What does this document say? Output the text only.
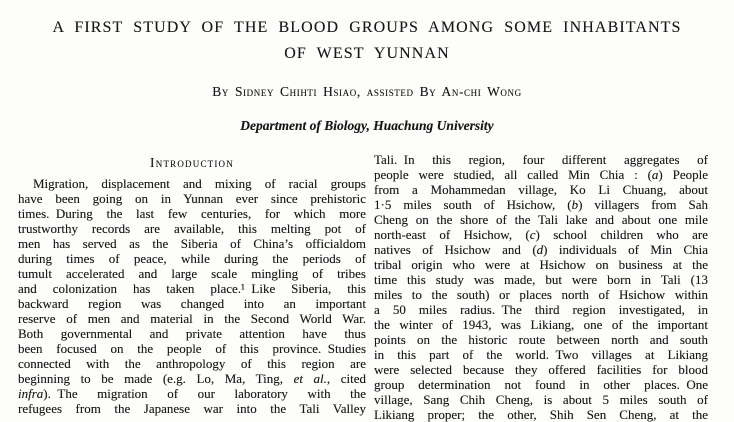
A FIRST STUDY OF THE BLOOD GROUPS AMONG SOME INHABITANTS
OF WEST YUNNAN
By Sidney Chihti Hsiao, assisted By An-chi Wong
Department of Biology, Huachung University
Introduction
Migration, displacement and mixing of racial groups
have been going on in Yunnan ever since prehistoric
times. During the last few centuries, for which more
trustworthy records are available, this melting pot of
men has served as the Siberia of China’s officialdom
during times of peace, while during the periods of
tumult accelerated and large scale mingling of tribes
and colonization has taken place.¹ Like Siberia, this
backward region was changed into an important
reserve of men and material in the Second World War.
Both governmental and private attention have thus
been focused on the people of this province. Studies
connected with the anthropology of this region are
beginning to be made (e.g. Lo, Ma, Ting, et al., cited
infra). The migration of our laboratory with the
refugees from the Japanese war into the Tali Valley
Tali. In this region, four different aggregates of
people were studied, all called Min Chia : (a) People
from a Mohammedan village, Ko Li Chuang, about
1·5 miles south of Hsichow, (b) villagers from Sah
Cheng on the shore of the Tali lake and about one mile
north-east of Hsichow, (c) school children who are
natives of Hsichow and (d) individuals of Min Chia
tribal origin who were at Hsichow on business at the
time this study was made, but were born in Tali (13
miles to the south) or places north of Hsichow within
a 50 miles radius. The third region investigated, in
the winter of 1943, was Likiang, one of the important
points on the historic route between north and south
in this part of the world. Two villages at Likiang
were selected because they offered facilities for blood
group determination not found in other places. One
village, Sang Chih Cheng, is about 5 miles south of
Likiang proper; the other, Shih Sen Cheng, at the
